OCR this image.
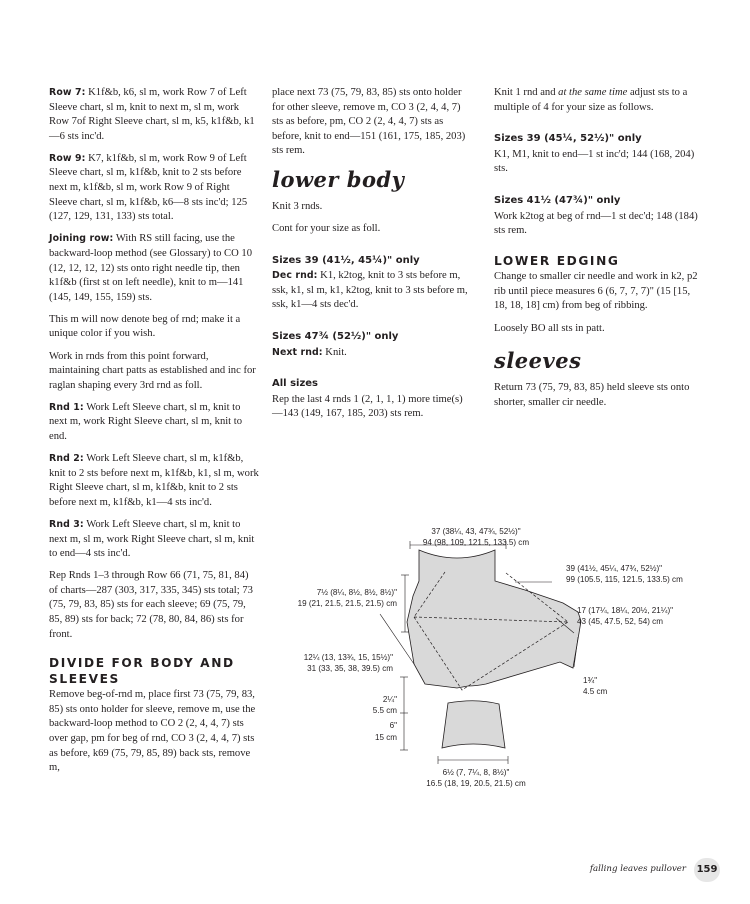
Row 7: K1f&b, k6, sl m, work Row 7 of Left Sleeve chart, sl m, knit to next m, sl m, work Row 7of Right Sleeve chart, sl m, k5, k1f&b, k1—6 sts inc'd.

Row 9: K7, k1f&b, sl m, work Row 9 of Left Sleeve chart, sl m, k1f&b, knit to 2 sts before next m, k1f&b, sl m, work Row 9 of Right Sleeve chart, sl m, k1f&b, k6—8 sts inc'd; 125 (127, 129, 131, 133) sts total.

Joining row: With RS still facing, use the backward-loop method (see Glossary) to CO 10 (12, 12, 12, 12) sts onto right needle tip, then k1f&b (first st on left needle), knit to m—141 (145, 149, 155, 159) sts.

This m will now denote beg of rnd; make it a unique color if you wish.

Work in rnds from this point forward, maintaining chart patts as established and inc for raglan shaping every 3rd rnd as foll.

Rnd 1: Work Left Sleeve chart, sl m, knit to next m, work Right Sleeve chart, sl m, knit to end.

Rnd 2: Work Left Sleeve chart, sl m, k1f&b, knit to 2 sts before next m, k1f&b, k1, sl m, work Right Sleeve chart, sl m, k1f&b, knit to 2 sts before next m, k1f&b, k1—4 sts inc'd.

Rnd 3: Work Left Sleeve chart, sl m, knit to next m, sl m, work Right Sleeve chart, sl m, knit to end—4 sts inc'd.

Rep Rnds 1–3 through Row 66 (71, 75, 81, 84) of charts—287 (303, 317, 335, 345) sts total; 73 (75, 79, 83, 85) sts for each sleeve; 69 (75, 79, 85, 89) sts for back; 72 (78, 80, 84, 86) sts for front.

DIVIDE FOR BODY AND SLEEVES

Remove beg-of-rnd m, place first 73 (75, 79, 83, 85) sts onto holder for sleeve, remove m, use the backward-loop method to CO 2 (2, 4, 4, 7) sts over gap, pm for beg of rnd, CO 3 (2, 4, 4, 7) sts as before, k69 (75, 79, 85, 89) back sts, remove m,

place next 73 (75, 79, 83, 85) sts onto holder for other sleeve, remove m, CO 3 (2, 4, 4, 7) sts as before, pm, CO 2 (2, 4, 4, 7) sts as before, knit to end—151 (161, 175, 185, 203) sts rem.

lower body

Knit 3 rnds.

Cont for your size as foll.

Sizes 39 (41½, 45¼)" only
Dec rnd: K1, k2tog, knit to 3 sts before m, ssk, k1, sl m, k1, k2tog, knit to 3 sts before m, ssk, k1—4 sts dec'd.

Sizes 47¾ (52½)" only
Next rnd: Knit.

All sizes
Rep the last 4 rnds 1 (2, 1, 1, 1) more time(s)—143 (149, 167, 185, 203) sts rem.

Knit 1 rnd and at the same time adjust sts to a multiple of 4 for your size as follows.

Sizes 39 (45¼, 52½)" only
K1, M1, knit to end—1 st inc'd; 144 (168, 204) sts.

Sizes 41½ (47¾)" only
Work k2tog at beg of rnd—1 st dec'd; 148 (184) sts rem.

LOWER EDGING

Change to smaller cir needle and work in k2, p2 rib until piece measures 6 (6, 7, 7, 7)" (15 [15, 18, 18, 18] cm) from beg of ribbing.

Loosely BO all sts in patt.

sleeves

Return 73 (75, 79, 83, 85) held sleeve sts onto shorter, smaller cir needle.

37 (38¼, 43, 47¾, 52½)"
94 (98, 109, 121.5, 133.5) cm
39 (41½, 45¼, 47¾, 52½)"
99 (105.5, 115, 121.5, 133.5) cm
7½ (8¼, 8½, 8½, 8½)"
19 (21, 21.5, 21.5, 21.5) cm
17 (17¼, 18¼, 20½, 21¼)"
43 (45, 47.5, 52, 54) cm
12¼ (13, 13¾, 15, 15½)"
31 (33, 35, 38, 39.5) cm
1¾"
4.5 cm
2¼"
5.5 cm
6"
15 cm
6½ (7, 7¼, 8, 8½)"
16.5 (18, 19, 20.5, 21.5) cm
falling leaves pullover 159
